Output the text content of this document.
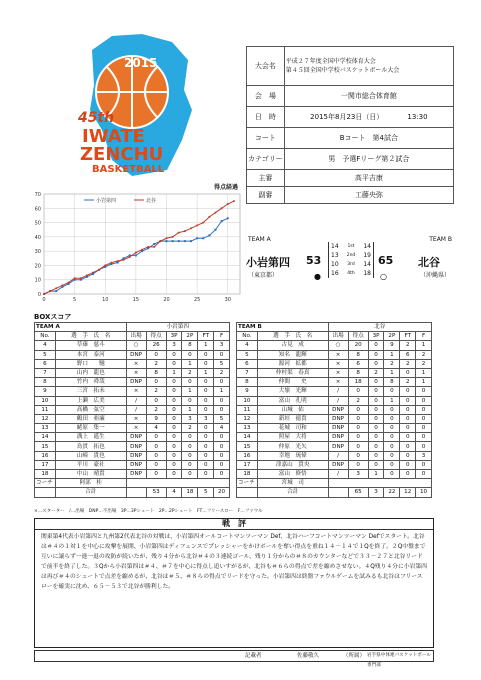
2015
45th
IWATE
ZENCHU
BASKETBALL
大会名	平成２７年度全国中学校体育大会
第４５回全国中学校バスケットボール大会
会　場	一関市総合体育館
日　時	2015年8月23日（日） 13:30
コート	Bコート　第4試合
カテゴリー	男　予選Fリーグ第２試合
主審	高平吉康
副審	工藤央弥
TEAM A	TEAM B
小岩第四
（東京都）
53	65 北谷
（沖縄県）
14 1st 14
13 2nd 19
10 3rd 14
16 4th 18
●	○
得点経過
0
10
20
30
40
50
60
70
0	5	10	15	20	25	30
小岩第四	北谷
BOXスコア
TEAM A		小岩第四					
No.	選　手　氏　名	出場	得点	3P	2P	FT	F
4	草薙　慈斗	○	26	3	8	1	3
5	本宮　泰河	DNP	0	0	0	0	0
6	野口　　馳	×	2	0	1	0	5
7	山内　龍也	×	8	1	2	1	2
8	竹内　舜哉	DNP	0	0	0	0	0
9	三宮　拓未	×	2	0	1	0	1
10	上瀬　広美	/	0	0	0	0	0
11	高橋　弦空	/	2	0	1	0	0
12	鶴田　亜廉	×	9	0	3	3	5
13	蛯原　集一	×	4	0	2	0	4
14	溝上　遥生	DNP	0	0	0	0	0
15	鳥貫　拓也	DNP	0	0	0	0	0
16	山崎　貴也	DNP	0	0	0	0	0
17	平川　豪社	DNP	0	0	0	0	0
18	中山　晴貴	DNP	0	0	0	0	0
コーチ	阿部　桂						
	合計		53	4	18	5	20
TEAM B		北谷					
No.	選　手　氏　名	出場	得点	3P	2P	FT	F
4	古見　成	○	20	0	9	2	1
5	知名　龍輝	×	8	0	1	6	2
6	源河　拡都	×	6	0	2	2	2
7	仲村渠　春真	×	8	2	1	0	1
8	仲間　　史	×	18	0	8	2	1
9	大嶺　光輝	/	0	0	0	0	0
10	富山　孔明	/	2	0	1	0	0
11	山城　佑	DNP	0	0	0	0	0
12	新垣　徳貴	DNP	0	0	0	0	0
13	花城　司和	DNP	0	0	0	0	0
14	照屋　大将	DNP	0	0	0	0	0
15	仲原　光矢	DNP	0	0	0	0	0
16	幸地　琉偉	/	0	0	0	0	3
17	津嘉山　貴央	DNP	0	0	0	0	0
18	富山　修悟	/	3	1	0	0	0
コーチ	宮城　司						
	合計		65	3	22	12	10
×…スターター　/…出場　DNP…不出場　3P…3Pシュート　2P…2Pシュート　FT…フリースロー　F…ファウル
戦　評
関東第4代表小岩第四と九州第2代表北谷の対戦は、小岩第四オールコートマンツーマン Def、北谷ハーフコートマンツーマン Defでスタート。北谷は＃４の１対１を中心に攻撃を展開、小岩第四はディフェンスでプレッシャーをかけボールを奪い得点を重ね１４－１４で１Qを終了。２Q中盤まで互いに譲らず一進一退の攻防が続いたが、残り４分から北谷＃４の３連続ゴール、残り１分からの＃８のカウンターなどで３３－２７と北谷リードで前半を終了した。３Qから小岩第四は＃４、＃７を中心に得点し追いすがるが、北谷も＃６らの得点で差を縮めさせない。４Q残り４分に小岩第四は再び＃４のシュートで点差を縮めるが、北谷は＃５、＃８らの得点でリードを守った。小岩第四は終盤ファウルゲームを試みるも北谷はフリースローを確実に沈め、６５－５３で北谷が勝利した。
記載者	佐藤敬久	（所属） 岩手県中体連バスケットボール専門部
